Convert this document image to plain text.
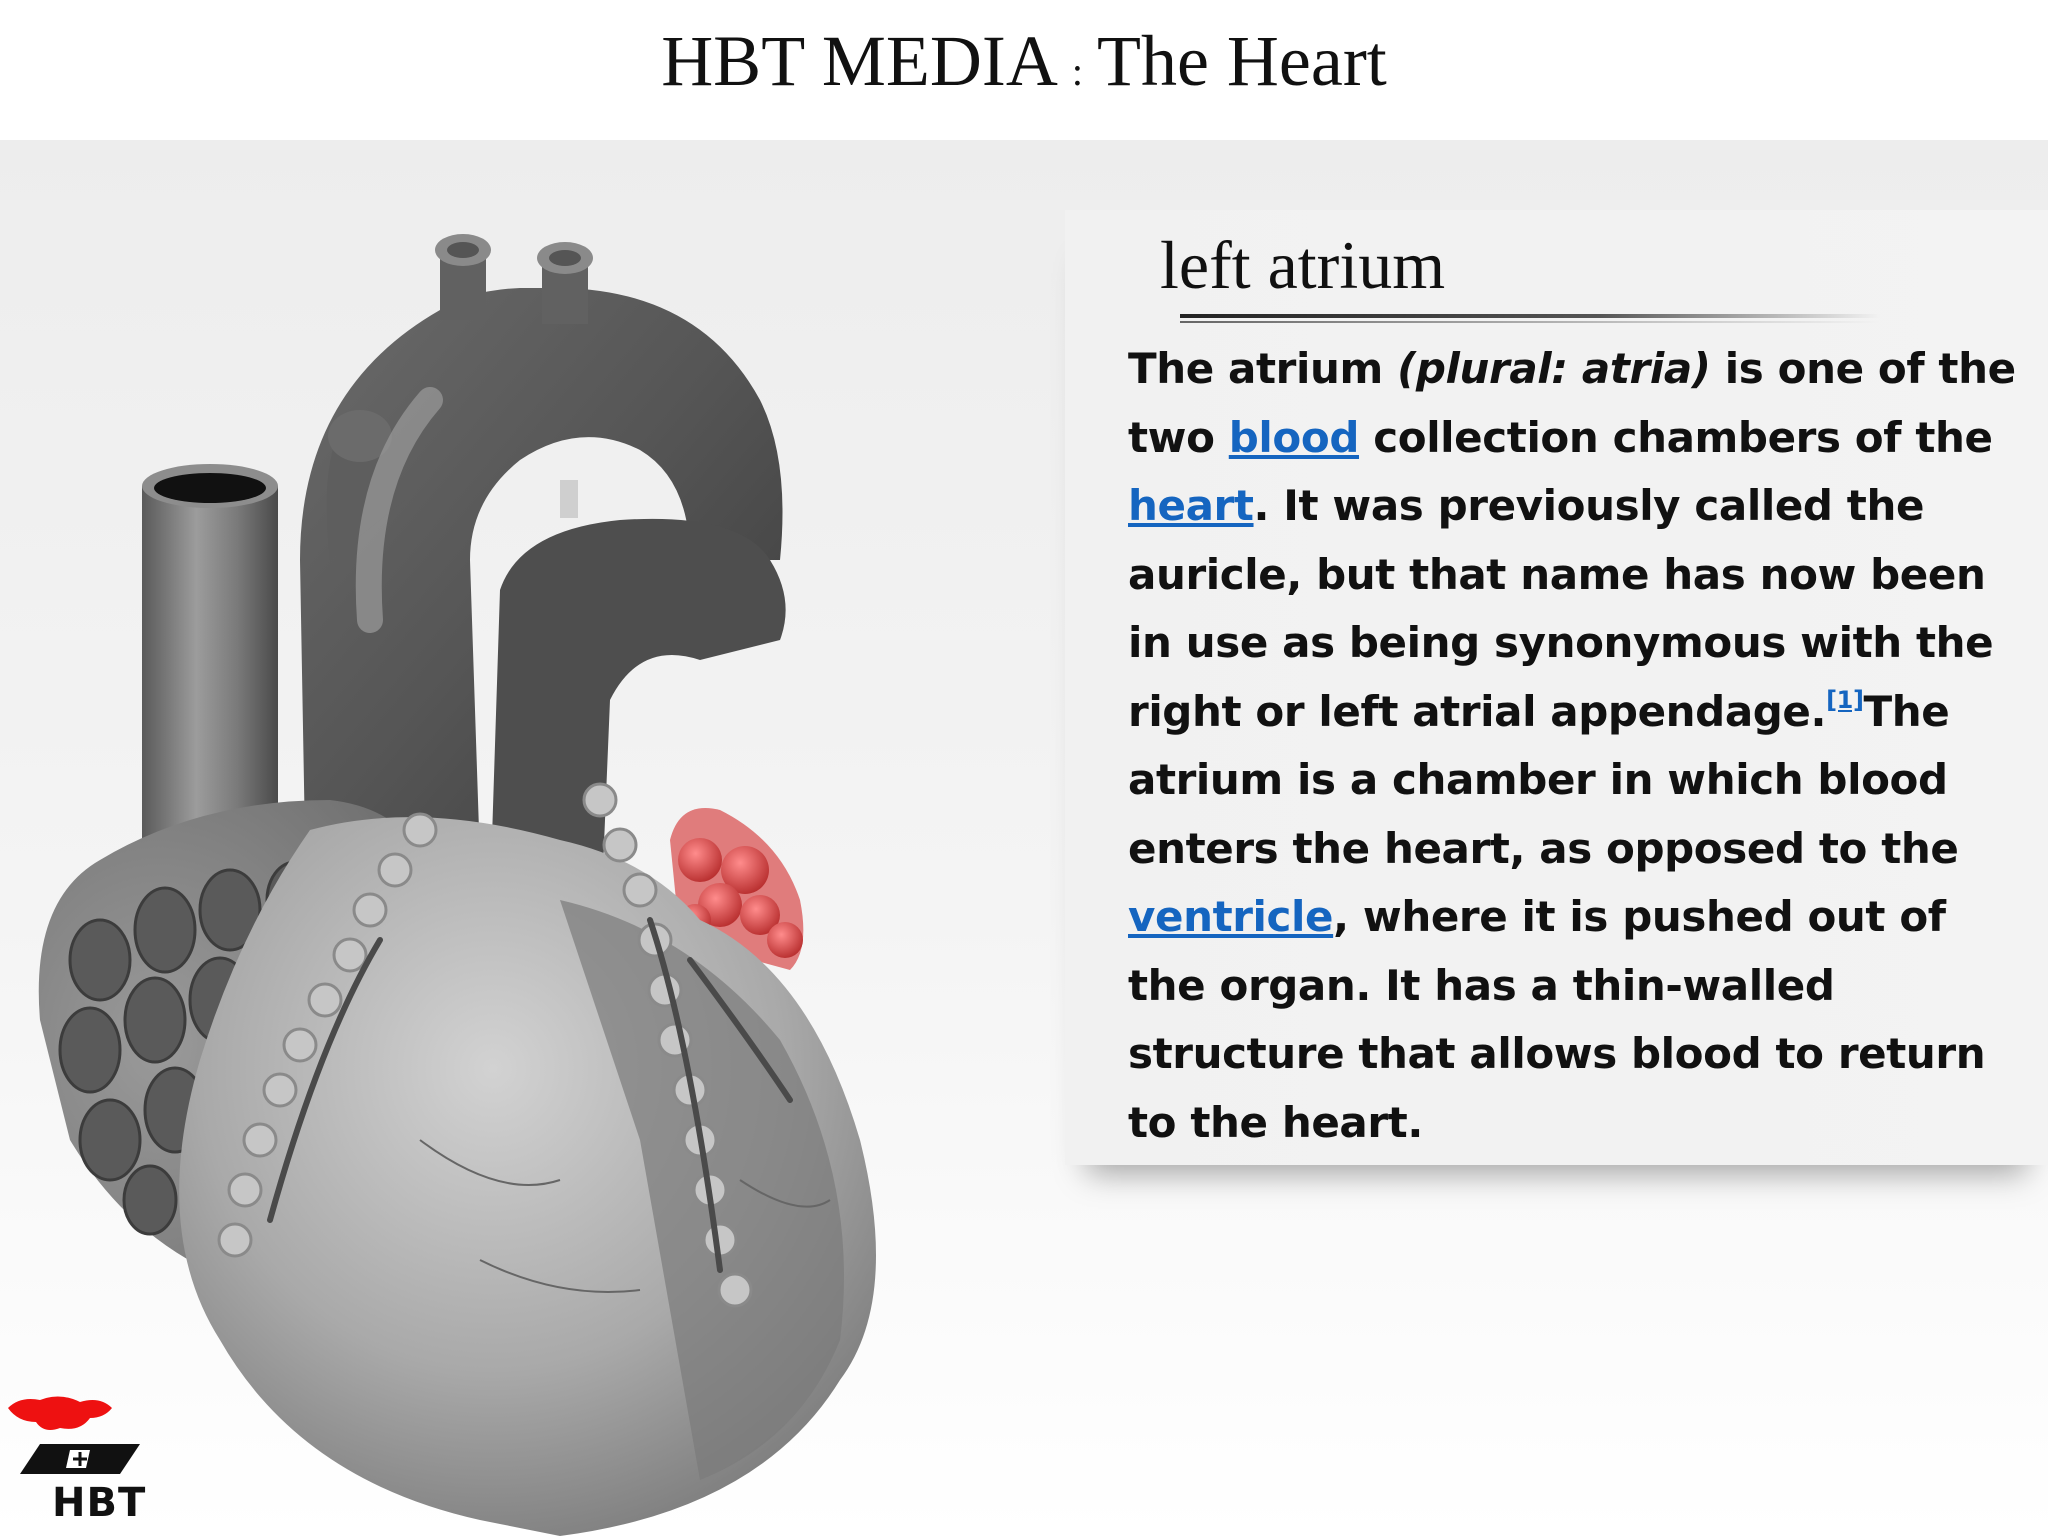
HBT MEDIA : The Heart
left atrium
The atrium (plural: atria) is one of the two blood collection chambers of the heart. It was previously called the auricle, but that name has now been in use as being synonymous with the right or left atrial appendage.[1]The atrium is a chamber in which blood enters the heart, as opposed to the ventricle, where it is pushed out of the organ. It has a thin-walled structure that allows blood to return to the heart.
HBT
